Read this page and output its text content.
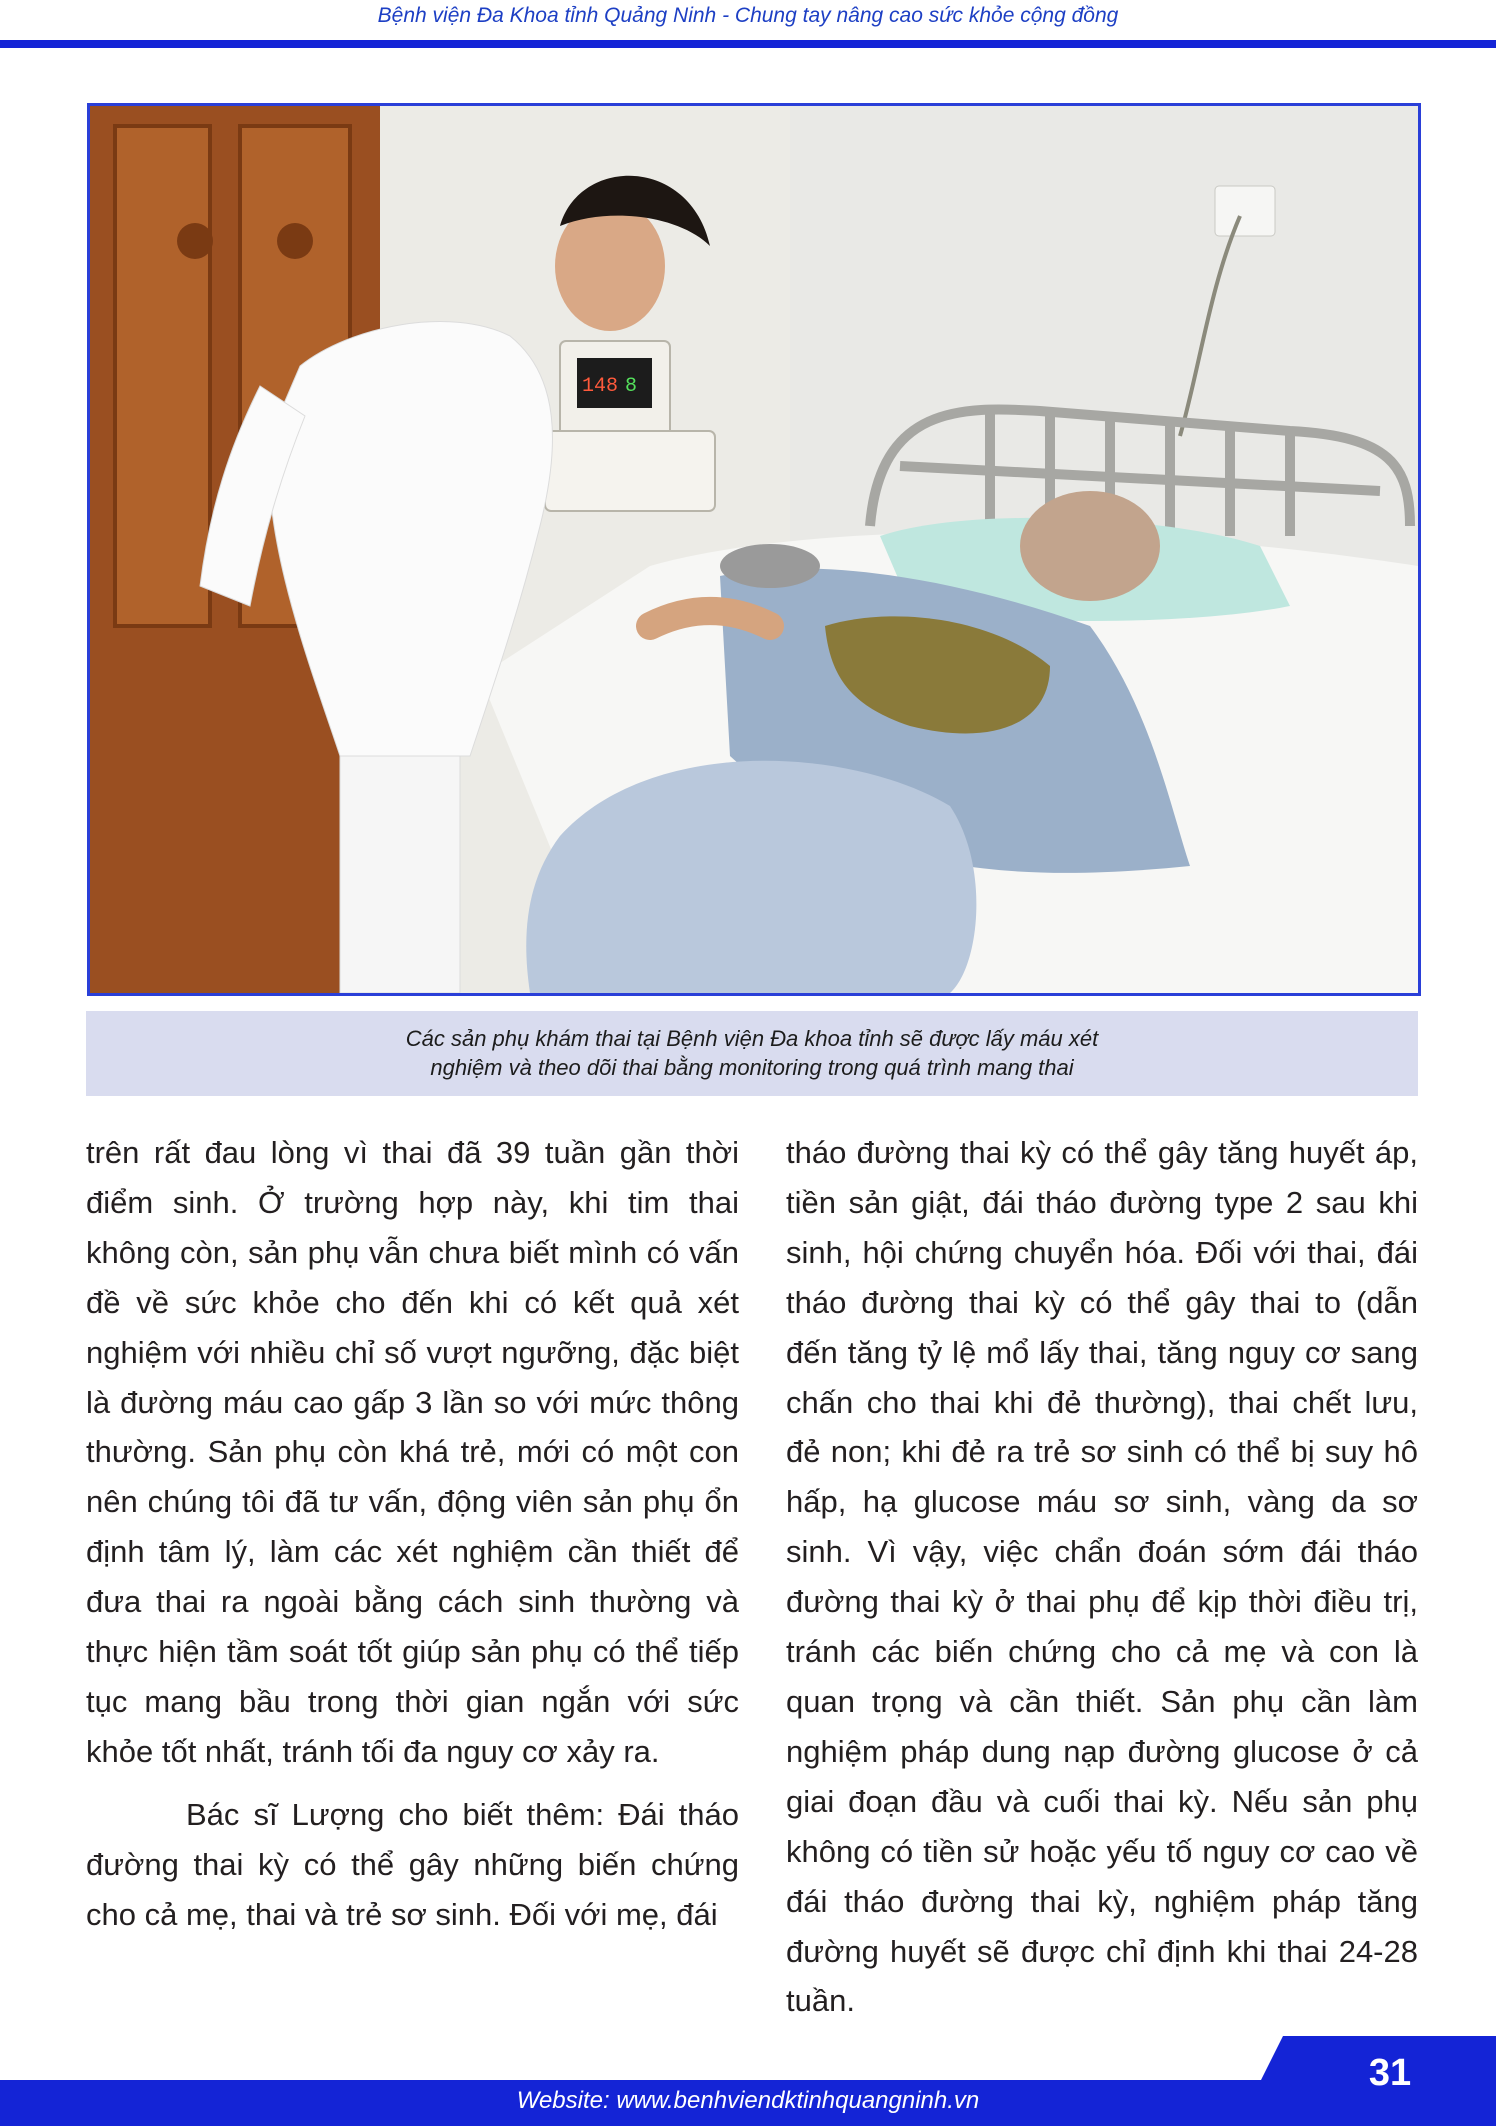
Bệnh viện Đa Khoa tỉnh Quảng Ninh - Chung tay nâng cao sức khỏe cộng đồng
148 8
Các sản phụ khám thai tại Bệnh viện Đa khoa tỉnh sẽ được lấy máu xét
nghiệm và theo dõi thai bằng monitoring trong quá trình mang thai

trên rất đau lòng vì thai đã 39 tuần gần thời điểm sinh. Ở trường hợp này, khi tim thai không còn, sản phụ vẫn chưa biết mình có vấn đề về sức khỏe cho đến khi có kết quả xét nghiệm với nhiều chỉ số vượt ngưỡng, đặc biệt là đường máu cao gấp 3 lần so với mức thông thường. Sản phụ còn khá trẻ, mới có một con nên chúng tôi đã tư vấn, động viên sản phụ ổn định tâm lý, làm các xét nghiệm cần thiết để đưa thai ra ngoài bằng cách sinh thường và thực hiện tầm soát tốt giúp sản phụ có thể tiếp tục mang bầu trong thời gian ngắn với sức khỏe tốt nhất, tránh tối đa nguy cơ xảy ra.

Bác sĩ Lượng cho biết thêm: Đái tháo đường thai kỳ có thể gây những biến chứng cho cả mẹ, thai và trẻ sơ sinh. Đối với mẹ, đái

tháo đường thai kỳ có thể gây tăng huyết áp, tiền sản giật, đái tháo đường type 2 sau khi sinh, hội chứng chuyển hóa. Đối với thai, đái tháo đường thai kỳ có thể gây thai to (dẫn đến tăng tỷ lệ mổ lấy thai, tăng nguy cơ sang chấn cho thai khi đẻ thường), thai chết lưu, đẻ non; khi đẻ ra trẻ sơ sinh có thể bị suy hô hấp, hạ glucose máu sơ sinh, vàng da sơ sinh. Vì vậy, việc chẩn đoán sớm đái tháo đường thai kỳ ở thai phụ để kịp thời điều trị, tránh các biến chứng cho cả mẹ và con là quan trọng và cần thiết. Sản phụ cần làm nghiệm pháp dung nạp đường glucose ở cả giai đoạn đầu và cuối thai kỳ. Nếu sản phụ không có tiền sử hoặc yếu tố nguy cơ cao về đái tháo đường thai kỳ, nghiệm pháp tăng đường huyết sẽ được chỉ định khi thai 24-28 tuần.

Website: www.benhviendktinhquangninh.vn
31
